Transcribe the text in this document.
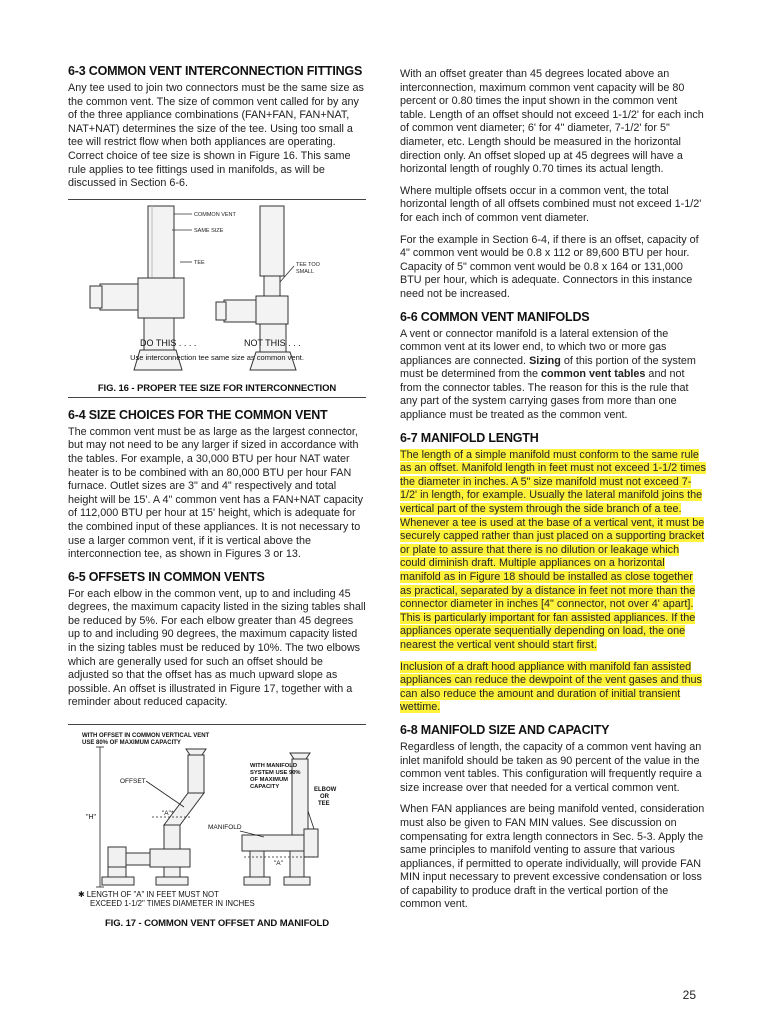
6-3 COMMON VENT INTERCONNECTION FITTINGS

Any tee used to join two connectors must be the same size as the common vent. The size of common vent called for by any of the three appliance combinations (FAN+FAN, FAN+NAT, NAT+NAT) determines the size of the tee. Using too small a tee will restrict flow when both appliances are operating. Correct choice of tee size is shown in Figure 16. This same rule applies to tee fittings used in manifolds, as will be discussed in Section 6-6.

COMMON VENT
SAME SIZE
TEE	TEE TOO
SMALL
DO THIS . . . .	NOT THIS . . .
Use interconnection tee same size as common vent.
FIG. 16 - PROPER TEE SIZE FOR INTERCONNECTION
6-4 SIZE CHOICES FOR THE COMMON VENT

The common vent must be as large as the largest connector, but may not need to be any larger if sized in accordance with the tables. For example, a 30,000 BTU per hour NAT water heater is to be combined with an 80,000 BTU per hour FAN furnace. Outlet sizes are 3" and 4" respectively and total height will be 15'. A 4" common vent has a FAN+NAT capacity of 112,000 BTU per hour at 15' height, which is adequate for the combined input of these appliances. It is not necessary to use a larger common vent, if it is vertical above the interconnection tee, as shown in Figures 3 or 13.

6-5 OFFSETS IN COMMON VENTS

For each elbow in the common vent, up to and including 45 degrees, the maximum capacity listed in the sizing tables shall be reduced by 5%. For each elbow greater than 45 degrees up to and including 90 degrees, the maximum capacity listed in the sizing tables must be reduced by 10%. The two elbows which are generally used for such an offset should be adjusted so that the offset has as much upward slope as possible. An offset is illustrated in Figure 17, together with a reminder about reduced capacity.

WITH OFFSET IN COMMON VERTICAL VENT
USE 80% OF MAXIMUM CAPACITY
WITH MANIFOLD
SYSTEM USE 90%
OF MAXIMUM
CAPACITY	ELBOW
OR
TEE
OFFSET
MANIFOLD
"H"
"A"*
"A"
✱ LENGTH OF "A" IN FEET MUST NOT
EXCEED 1-1/2" TIMES DIAMETER IN INCHES
FIG. 17 - COMMON VENT OFFSET AND MANIFOLD

With an offset greater than 45 degrees located above an interconnection, maximum common vent capacity will be 80 percent or 0.80 times the input shown in the common vent table. Length of an offset should not exceed 1-1/2' for each inch of common vent diameter; 6' for 4" diameter, 7-1/2' for 5" diameter, etc. Length should be measured in the horizontal direction only. An offset sloped up at 45 degrees will have a horizontal length of roughly 0.70 times its actual length.

Where multiple offsets occur in a common vent, the total horizontal length of all offsets combined must not exceed 1-1/2' for each inch of common vent diameter.

For the example in Section 6-4, if there is an offset, capacity of 4" common vent would be 0.8 x 112 or 89,600 BTU per hour. Capacity of 5" common vent would be 0.8 x 164 or 131,000 BTU per hour, which is adequate. Connectors in this instance need not be increased.

6-6 COMMON VENT MANIFOLDS

A vent or connector manifold is a lateral extension of the common vent at its lower end, to which two or more gas appliances are connected. Sizing of this portion of the system must be determined from the common vent tables and not from the connector tables. The reason for this is the rule that any part of the system carrying gases from more than one appliance must be treated as the common vent.

6-7 MANIFOLD LENGTH

The length of a simple manifold must conform to the same rule as an offset. Manifold length in feet must not exceed 1-1/2 times the diameter in inches. A 5" size manifold must not exceed 7-1/2' in length, for example. Usually the lateral manifold joins the vertical part of the system through the side branch of a tee. Whenever a tee is used at the base of a vertical vent, it must be securely capped rather than just placed on a supporting bracket or plate to assure that there is no dilution or leakage which could diminish draft. Multiple appliances on a horizontal manifold as in Figure 18 should be installed as close together as practical, separated by a distance in feet not more than the connector diameter in inches [4" connector, not over 4' apart]. This is particularly important for fan assisted appliances. If the appliances operate sequentially depending on load, the one nearest the vertical vent should start first.

Inclusion of a draft hood appliance with manifold fan assisted appliances can reduce the dewpoint of the vent gases and thus can also reduce the amount and duration of initial transient wettime.

6-8 MANIFOLD SIZE AND CAPACITY

Regardless of length, the capacity of a common vent having an inlet manifold should be taken as 90 percent of the value in the common vent tables. This configuration will frequently require a size increase over that needed for a vertical common vent.

When FAN appliances are being manifold vented, consideration must also be given to FAN MIN values. See discussion on compensating for extra length connectors in Sec. 5-3. Apply the same principles to manifold venting to assure that various appliances, if permitted to operate individually, will provide FAN MIN input necessary to prevent excessive condensation or loss of capability to produce draft in the vertical portion of the common vent.

25
